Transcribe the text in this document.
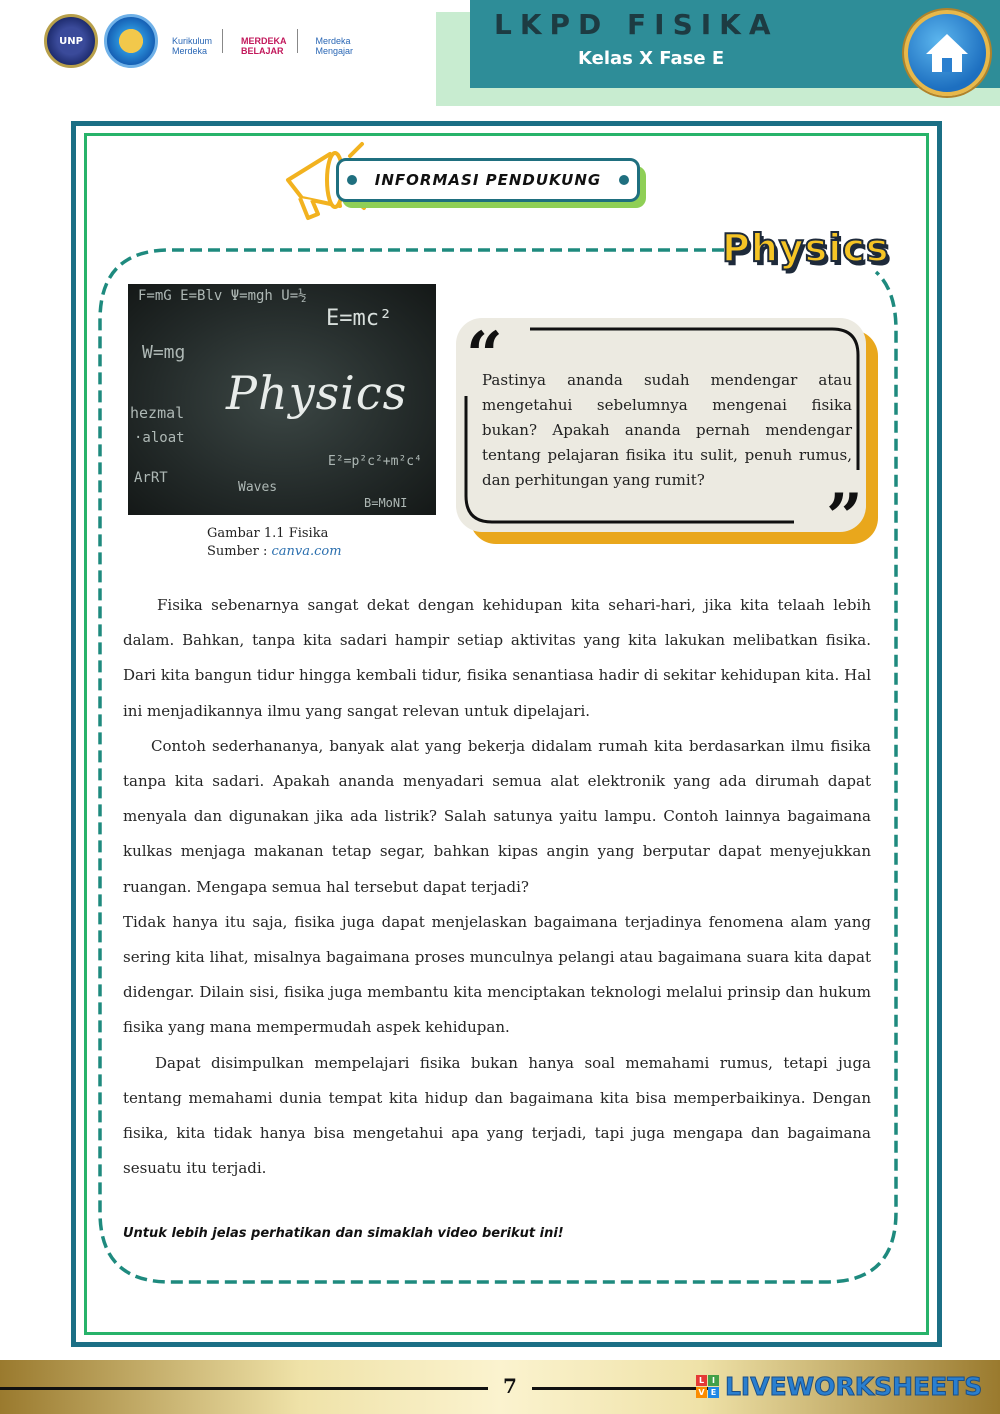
UNP	Kurikulum
Merdeka

MERDEKA
BELAJAR

Merdeka
Mengajar

LKPD FISIKA
Kelas X Fase E
INFORMASI PENDUKUNG
Physics
F=mG E=Blv Ψ=mgh U=½
E=mc²
W=mg
hezmal
·aloat
ArRT
E²=p²c²+m²c⁴
Waves
B=MoNI
Physics
Gambar 1.1 Fisika
Sumber : canva.com
“
”
Pastinya ananda sudah mendengar atau mengetahui sebelumnya mengenai fisika bukan? Apakah ananda pernah mendengar tentang pelajaran fisika itu sulit, penuh rumus, dan perhitungan yang rumit?

Fisika sebenarnya sangat dekat dengan kehidupan kita sehari-hari, jika kita telaah lebih dalam. Bahkan, tanpa kita sadari hampir setiap aktivitas yang kita lakukan melibatkan fisika. Dari kita bangun tidur hingga kembali tidur, fisika senantiasa hadir di sekitar kehidupan kita. Hal ini menjadikannya ilmu yang sangat relevan untuk dipelajari.

Contoh sederhananya, banyak alat yang bekerja didalam rumah kita berdasarkan ilmu fisika tanpa kita sadari. Apakah ananda menyadari semua alat elektronik yang ada dirumah dapat menyala dan digunakan jika ada listrik? Salah satunya yaitu lampu. Contoh lainnya bagaimana kulkas menjaga makanan tetap segar, bahkan kipas angin yang berputar dapat menyejukkan ruangan. Mengapa semua hal tersebut dapat terjadi?

Tidak hanya itu saja, fisika juga dapat menjelaskan bagaimana terjadinya fenomena alam yang sering kita lihat, misalnya bagaimana proses munculnya pelangi atau bagaimana suara kita dapat didengar. Dilain sisi, fisika juga membantu kita menciptakan teknologi melalui prinsip dan hukum fisika yang mana mempermudah aspek kehidupan.

Dapat disimpulkan mempelajari fisika bukan hanya soal memahami rumus, tetapi juga tentang memahami dunia tempat kita hidup dan bagaimana kita bisa memperbaikinya. Dengan fisika, kita tidak hanya bisa mengetahui apa yang terjadi, tapi juga mengapa dan bagaimana sesuatu itu terjadi.

Untuk lebih jelas perhatikan dan simaklah video berikut ini!
7	L I
V E LIVEWORKSHEETS
